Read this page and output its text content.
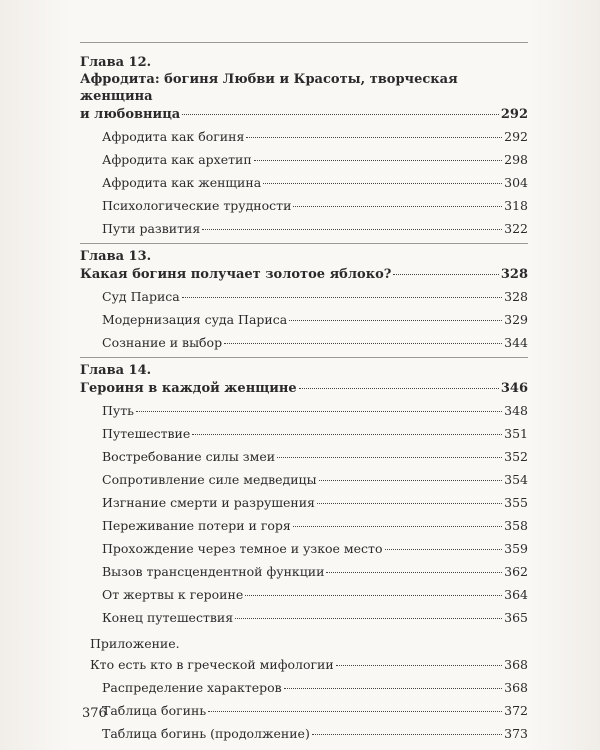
Глава 12.
Афродита: богиня Любви и Красоты, творческая женщина
и любовница	292
Афродита как богиня	292
Афродита как архетип	298
Афродита как женщина	304
Психологические трудности	318
Пути развития	322
Глава 13.
Какая богиня получает золотое яблоко?	328
Суд Париса	328
Модернизация суда Париса	329
Сознание и выбор	344
Глава 14.
Героиня в каждой женщине	346
Путь	348
Путешествие	351
Востребование силы змеи	352
Сопротивление силе медведицы	354
Изгнание смерти и разрушения	355
Переживание потери и горя	358
Прохождение через темное и узкое место	359
Вызов трансцендентной функции	362
От жертвы к героине	364
Конец путешествия	365
Приложение.
Кто есть кто в греческой мифологии	368
Распределение характеров	368
Таблица богинь	372
Таблица богинь (продолжение)	373
376
